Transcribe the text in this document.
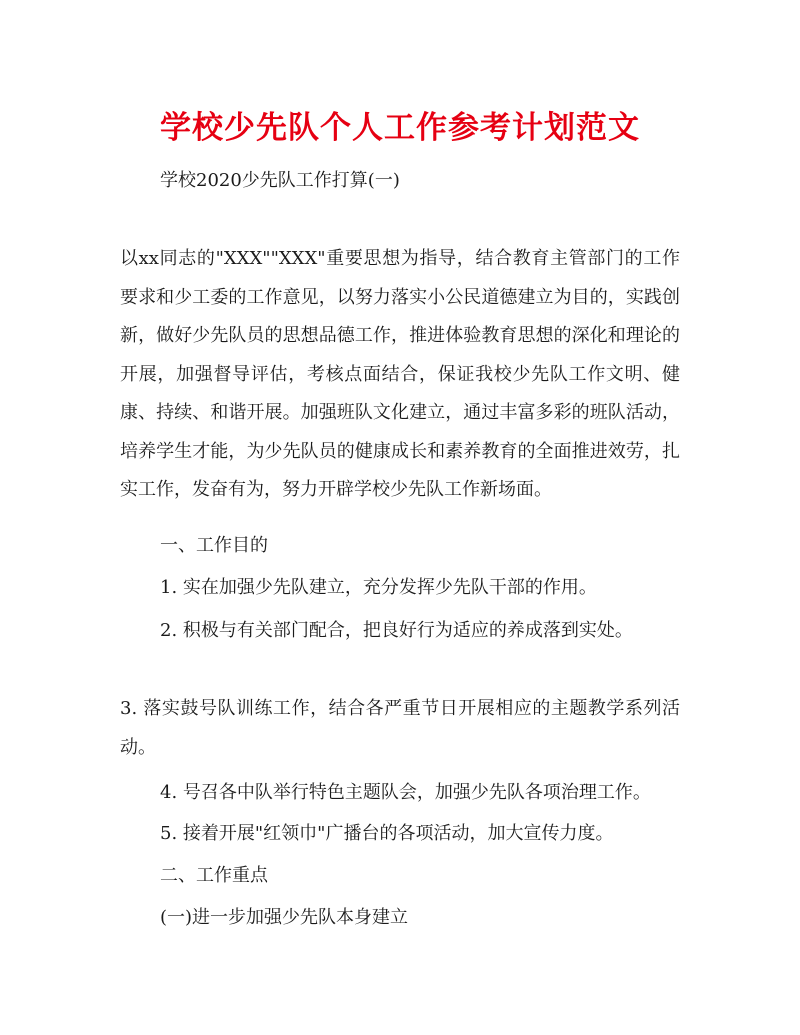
学校少先队个人工作参考计划范文
学校2020少先队工作打算(一)
以xx同志的"XXX""XXX"重要思想为指导，结合教育主管部门的工作要求和少工委的工作意见，以努力落实小公民道德建立为目的，实践创新，做好少先队员的思想品德工作，推进体验教育思想的深化和理论的开展，加强督导评估，考核点面结合，保证我校少先队工作文明、健康、持续、和谐开展。加强班队文化建立，通过丰富多彩的班队活动，培养学生才能，为少先队员的健康成长和素养教育的全面推进效劳，扎实工作，发奋有为，努力开辟学校少先队工作新场面。
一、工作目的
1. 实在加强少先队建立，充分发挥少先队干部的作用。
2. 积极与有关部门配合，把良好行为适应的养成落到实处。
3. 落实鼓号队训练工作，结合各严重节日开展相应的主题教学系列活动。
4. 号召各中队举行特色主题队会，加强少先队各项治理工作。
5. 接着开展"红领巾"广播台的各项活动，加大宣传力度。
二、工作重点
(一)进一步加强少先队本身建立
